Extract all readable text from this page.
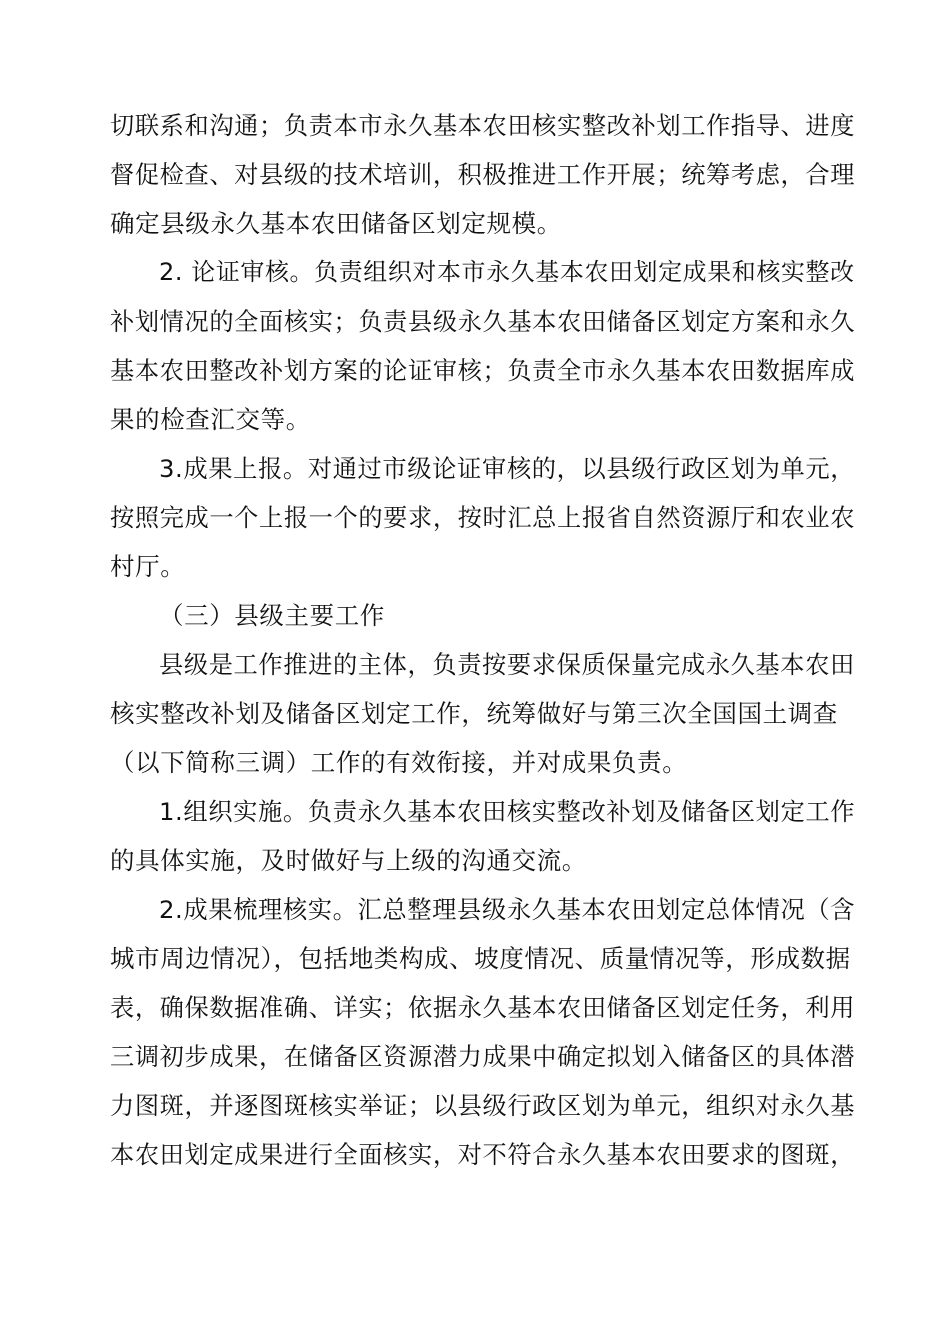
切联系和沟通；负责本市永久基本农田核实整改补划工作指导、进度
督促检查、对县级的技术培训，积极推进工作开展；统筹考虑，合理
确定县级永久基本农田储备区划定规模。
2. 论证审核。负责组织对本市永久基本农田划定成果和核实整改
补划情况的全面核实；负责县级永久基本农田储备区划定方案和永久
基本农田整改补划方案的论证审核；负责全市永久基本农田数据库成
果的检查汇交等。
3.成果上报。对通过市级论证审核的，以县级行政区划为单元，
按照完成一个上报一个的要求，按时汇总上报省自然资源厅和农业农
村厅。
（三）县级主要工作
县级是工作推进的主体，负责按要求保质保量完成永久基本农田
核实整改补划及储备区划定工作，统筹做好与第三次全国国土调查
（以下简称三调）工作的有效衔接，并对成果负责。
1.组织实施。负责永久基本农田核实整改补划及储备区划定工作
的具体实施，及时做好与上级的沟通交流。
2.成果梳理核实。汇总整理县级永久基本农田划定总体情况（含
城市周边情况），包括地类构成、坡度情况、质量情况等，形成数据
表，确保数据准确、详实；依据永久基本农田储备区划定任务，利用
三调初步成果，在储备区资源潜力成果中确定拟划入储备区的具体潜
力图斑，并逐图斑核实举证；以县级行政区划为单元，组织对永久基
本农田划定成果进行全面核实，对不符合永久基本农田要求的图斑，
